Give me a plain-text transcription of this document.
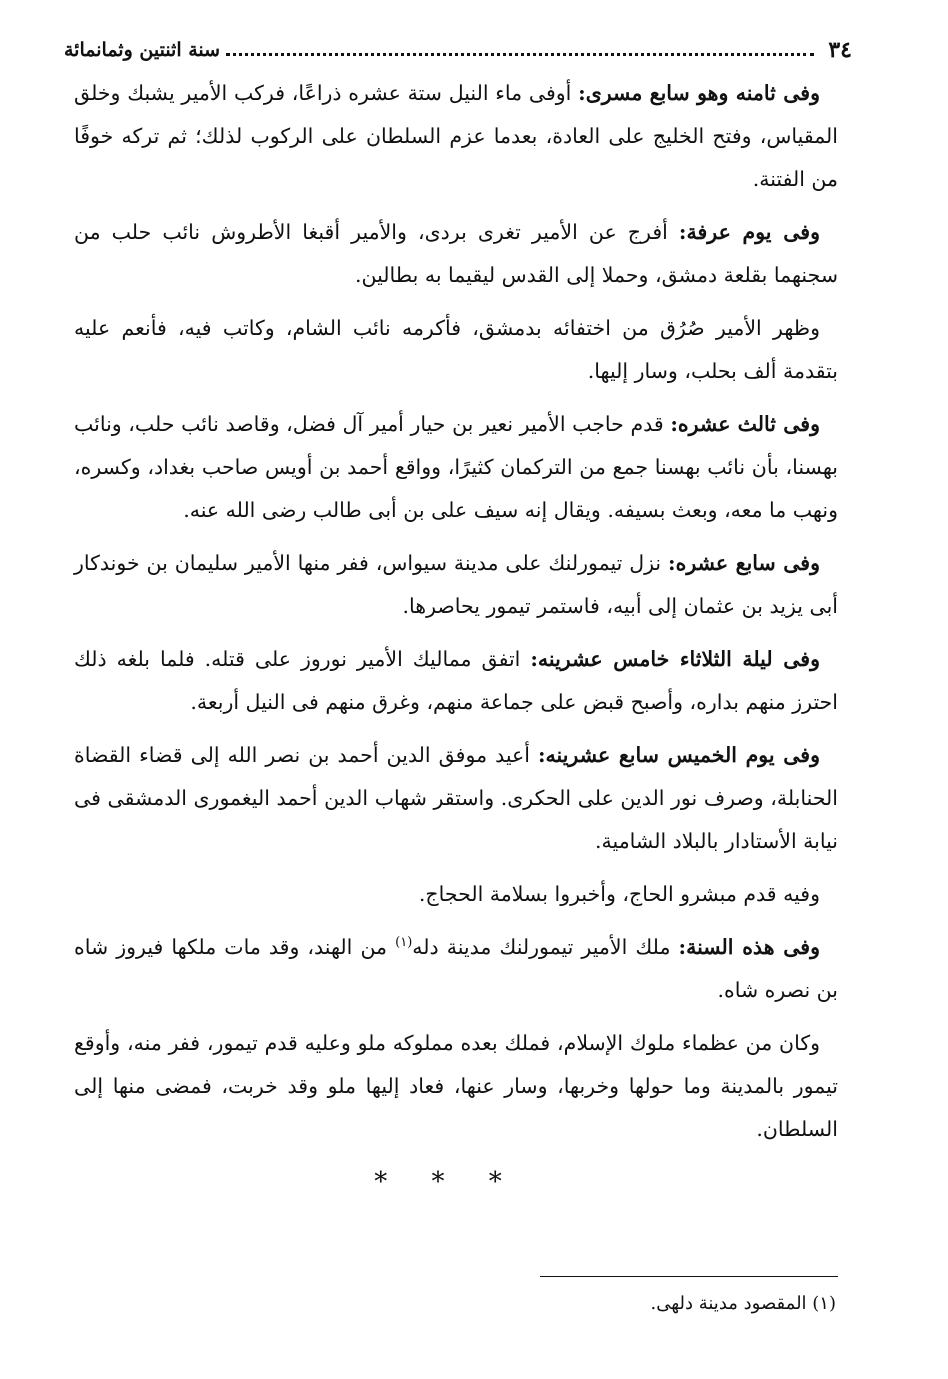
٣٤
سنة اثنتين وثمانمائة

وفى ثامنه وهو سابع مسرى: أوفى ماء النيل ستة عشره ذراعًا، فركب الأمير يشبك وخلق المقياس، وفتح الخليج على العادة، بعدما عزم السلطان على الركوب لذلك؛ ثم تركه خوفًا من الفتنة.

وفى يوم عرفة: أفرج عن الأمير تغرى بردى، والأمير أقبغا الأطروش نائب حلب من سجنهما بقلعة دمشق، وحملا إلى القدس ليقيما به بطالين.

وظهر الأمير صُرُق من اختفائه بدمشق، فأكرمه نائب الشام، وكاتب فيه، فأنعم عليه بتقدمة ألف بحلب، وسار إليها.

وفى ثالث عشره: قدم حاجب الأمير نعير بن حيار أمير آل فضل، وقاصد نائب حلب، ونائب بهسنا، بأن نائب بهسنا جمع من التركمان كثيرًا، وواقع أحمد بن أويس صاحب بغداد، وكسره، ونهب ما معه، وبعث بسيفه. ويقال إنه سيف على بن أبى طالب رضى الله عنه.

وفى سابع عشره: نزل تيمورلنك على مدينة سيواس، ففر منها الأمير سليمان بن خوندكار أبى يزيد بن عثمان إلى أبيه، فاستمر تيمور يحاصرها.

وفى ليلة الثلاثاء خامس عشرينه: اتفق مماليك الأمير نوروز على قتله. فلما بلغه ذلك احترز منهم بداره، وأصبح قبض على جماعة منهم، وغرق منهم فى النيل أربعة.

وفى يوم الخميس سابع عشرينه: أعيد موفق الدين أحمد بن نصر الله إلى قضاء القضاة الحنابلة، وصرف نور الدين على الحكرى. واستقر شهاب الدين أحمد اليغمورى الدمشقى فى نيابة الأستادار بالبلاد الشامية.

وفيه قدم مبشرو الحاج، وأخبروا بسلامة الحجاج.

وفى هذه السنة: ملك الأمير تيمورلنك مدينة دله$^{(١)}$ من الهند، وقد مات ملكها فيروز شاه بن نصره شاه.

وكان من عظماء ملوك الإسلام، فملك بعده مملوكه ملو وعليه قدم تيمور، ففر منه، وأوقع تيمور بالمدينة وما حولها وخربها، وسار عنها، فعاد إليها ملو وقد خربت، فمضى منها إلى السلطان.

* * *
(١) المقصود مدينة دلهى.
